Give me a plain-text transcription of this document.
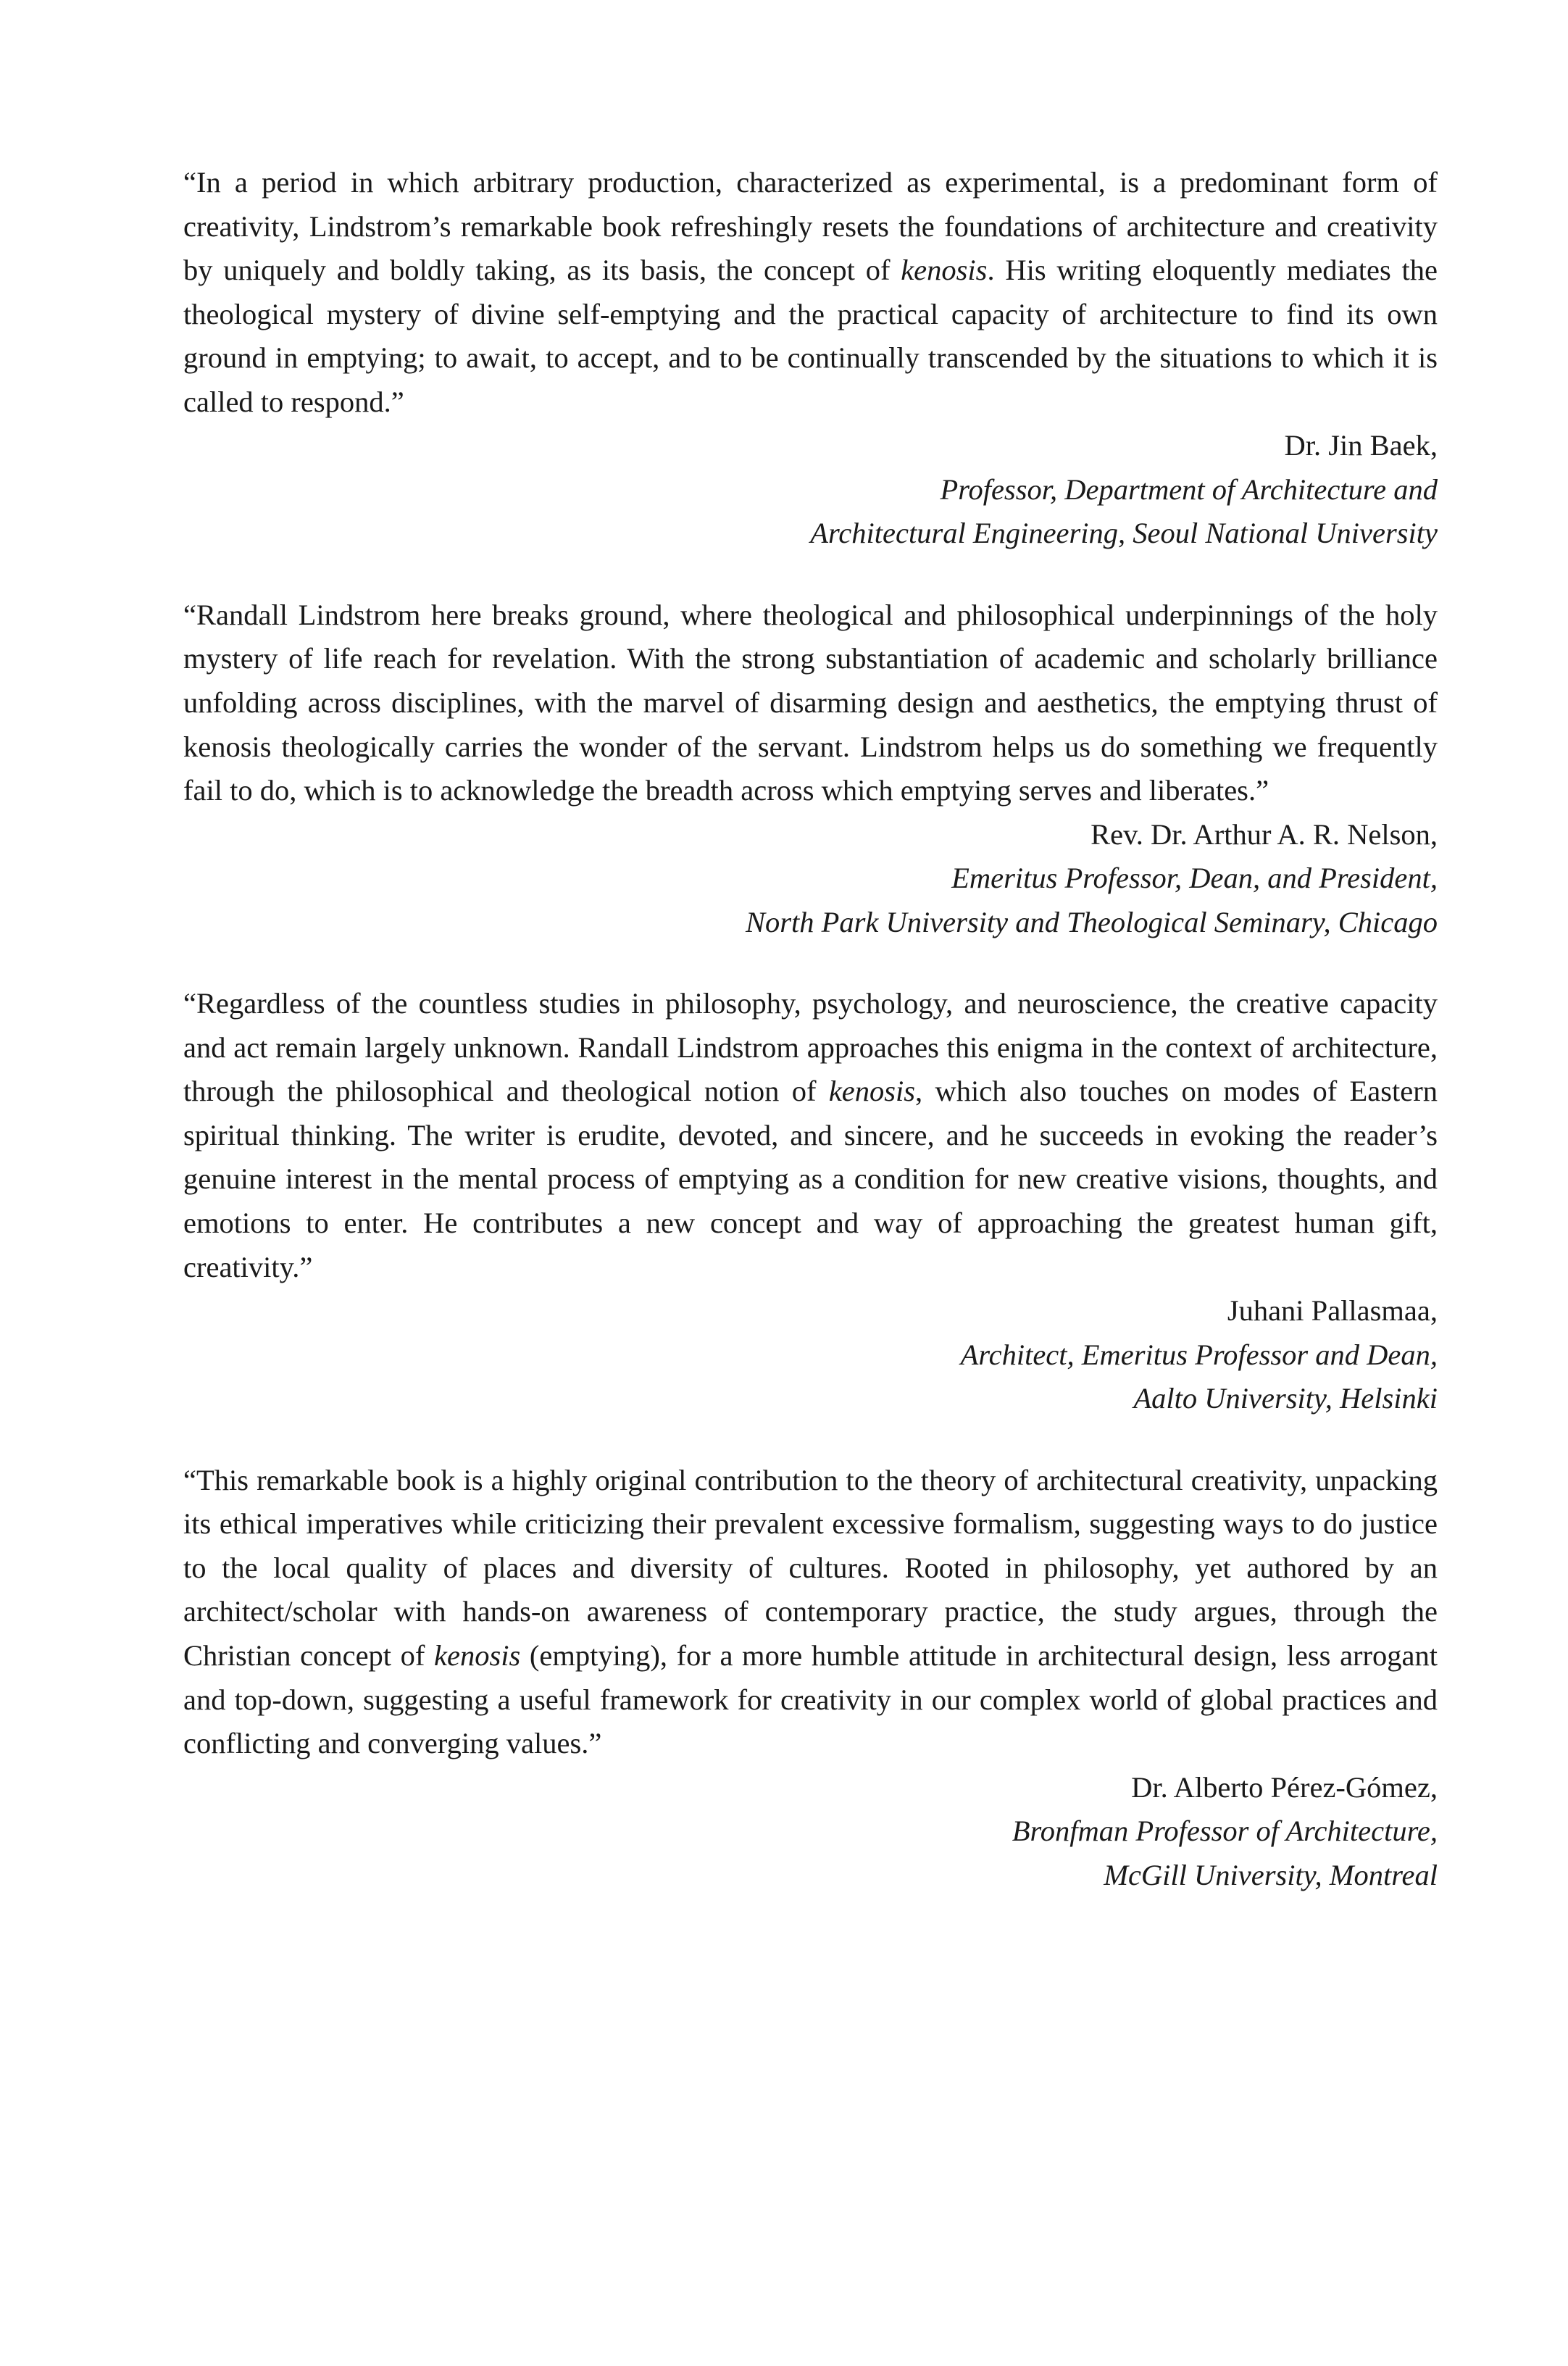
“In a period in which arbitrary production, characterized as experimental, is a predominant form of creativity, Lindstrom’s remarkable book refreshingly resets the foundations of architecture and creativity by uniquely and boldly taking, as its basis, the concept of kenosis. His writing eloquently mediates the theological mystery of divine self-emptying and the practical capacity of architecture to find its own ground in emptying; to await, to accept, and to be continually transcended by the situations to which it is called to respond.”

Dr. Jin Baek,
Professor, Department of Architecture and
Architectural Engineering, Seoul National University

“Randall Lindstrom here breaks ground, where theological and philosophical underpinnings of the holy mystery of life reach for revelation. With the strong substantiation of academic and scholarly brilliance unfolding across disciplines, with the marvel of disarming design and aesthetics, the emptying thrust of kenosis theologically carries the wonder of the servant. Lindstrom helps us do something we frequently fail to do, which is to acknowledge the breadth across which emptying serves and liberates.”

Rev. Dr. Arthur A. R. Nelson,
Emeritus Professor, Dean, and President,
North Park University and Theological Seminary, Chicago

“Regardless of the countless studies in philosophy, psychology, and neuroscience, the creative capacity and act remain largely unknown. Randall Lindstrom approaches this enigma in the context of architecture, through the philosophical and theological notion of kenosis, which also touches on modes of Eastern spiritual thinking. The writer is erudite, devoted, and sincere, and he succeeds in evoking the reader’s genuine interest in the mental process of emptying as a condition for new creative visions, thoughts, and emotions to enter. He contributes a new concept and way of approaching the greatest human gift, creativity.”

Juhani Pallasmaa,
Architect, Emeritus Professor and Dean,
Aalto University, Helsinki

“This remarkable book is a highly original contribution to the theory of architectural creativity, unpacking its ethical imperatives while criticizing their prevalent excessive formalism, suggesting ways to do justice to the local quality of places and diversity of cultures. Rooted in philosophy, yet authored by an architect/scholar with hands-on awareness of contemporary practice, the study argues, through the Christian concept of kenosis (emptying), for a more humble attitude in architectural design, less arrogant and top-down, suggesting a useful framework for creativity in our complex world of global practices and conflicting and converging values.”

Dr. Alberto Pérez-Gómez,
Bronfman Professor of Architecture,
McGill University, Montreal
